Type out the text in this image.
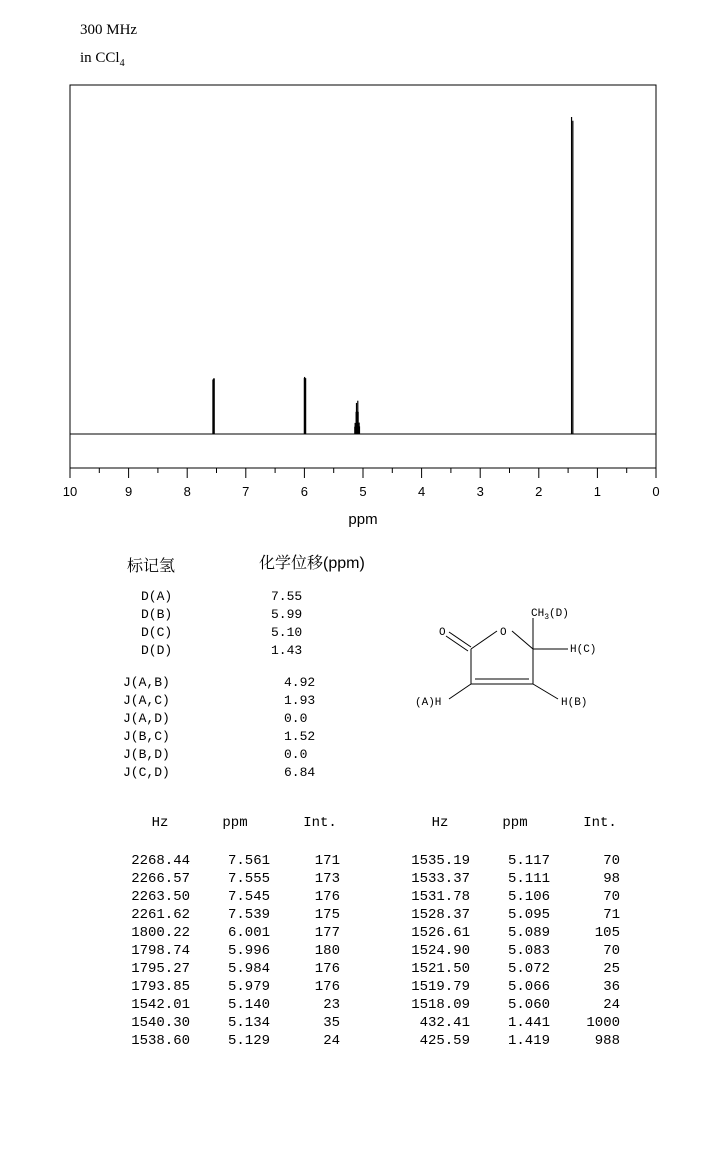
300 MHz
in CCl$_4$
10	9	8	7	6	5	4	3	2	1	0
ppm
标记氢	化学位移(ppm)
D(A)	7.55
D(B)	5.99
D(C)	5.10
D(D)	1.43
J(A,B)	4.92
J(A,C)	1.93
J(A,D)	0.0
J(B,C)	1.52
J(B,D)	0.0
J(C,D)	6.84
O	O
$CH_3(D)$
H(C)
(A)H	H(B)
Hz	ppm	Int.
2268.44	7.561	171
2266.57	7.555	173
2263.50	7.545	176
2261.62	7.539	175
1800.22	6.001	177
1798.74	5.996	180
1795.27	5.984	176
1793.85	5.979	176
1542.01	5.140	23
1540.30	5.134	35
1538.60	5.129	24
Hz	ppm	Int.
1535.19	5.117	70
1533.37	5.111	98
1531.78	5.106	70
1528.37	5.095	71
1526.61	5.089	105
1524.90	5.083	70
1521.50	5.072	25
1519.79	5.066	36
1518.09	5.060	24
432.41	1.441	1000
425.59	1.419	988
